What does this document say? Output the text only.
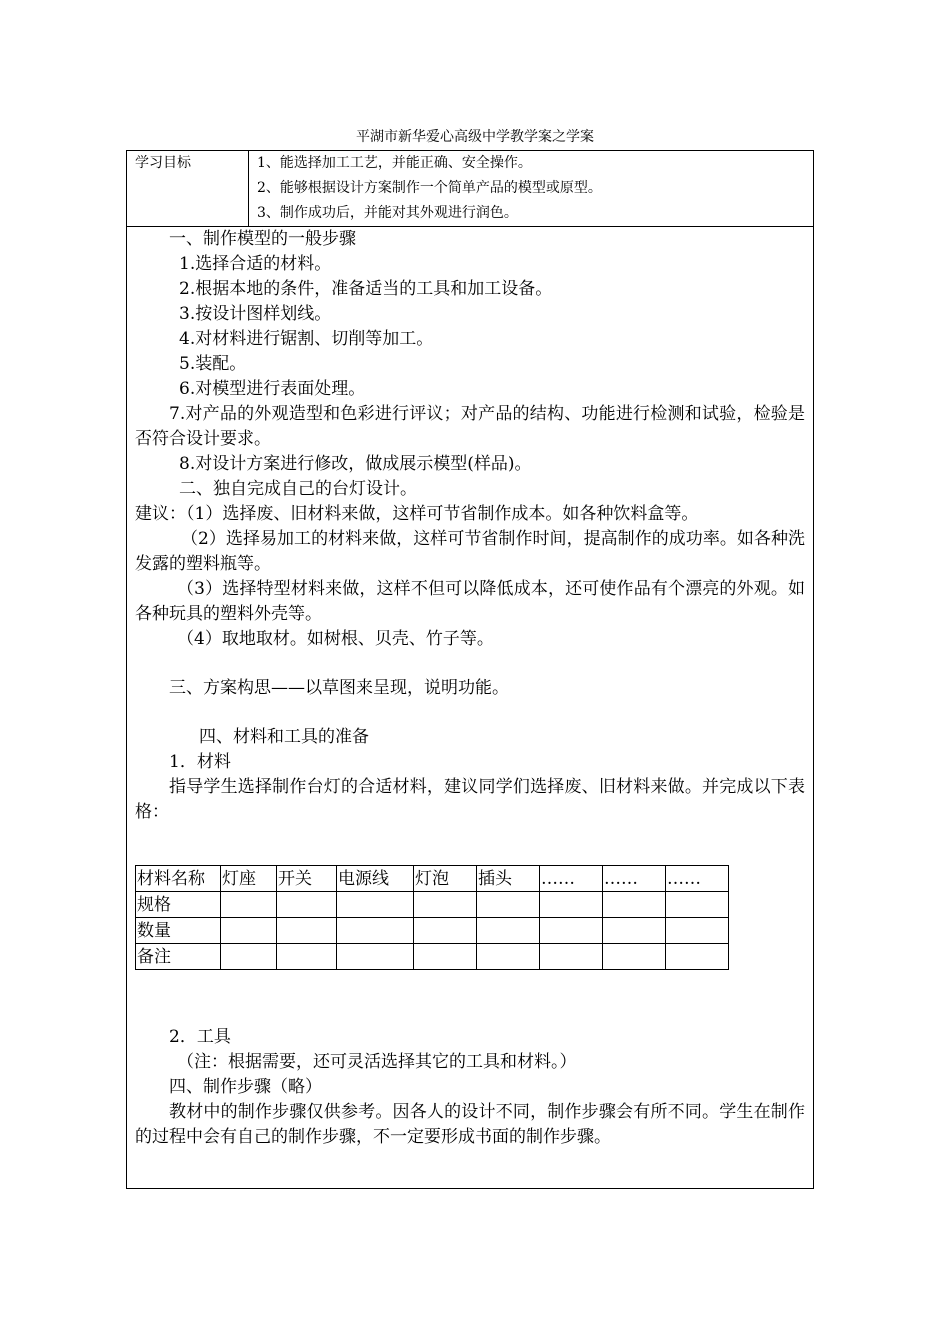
平湖市新华爱心高级中学教学案之学案
学习目标	1、能选择加工工艺，并能正确、安全操作。
2、能够根据设计方案制作一个简单产品的模型或原型。
3、制作成功后，并能对其外观进行润色。
一、制作模型的一般步骤
1.选择合适的材料。
2.根据本地的条件，准备适当的工具和加工设备。
3.按设计图样划线。
4.对材料进行锯割、切削等加工。
5.装配。
6.对模型进行表面处理。
7.对产品的外观造型和色彩进行评议；对产品的结构、功能进行检测和试验，检验是否符合设计要求。
8.对设计方案进行修改，做成展示模型(样品)。
二、独自完成自己的台灯设计。
建议：（1）选择废、旧材料来做，这样可节省制作成本。如各种饮料盒等。
（2）选择易加工的材料来做，这样可节省制作时间，提高制作的成功率。如各种洗发露的塑料瓶等。
（3）选择特型材料来做，这样不但可以降低成本，还可使作品有个漂亮的外观。如各种玩具的塑料外壳等。
（4）取地取材。如树根、贝壳、竹子等。
三、方案构思——以草图来呈现，说明功能。
四、材料和工具的准备
1．材料
指导学生选择制作台灯的合适材料，建议同学们选择废、旧材料来做。并完成以下表格：
材料名称	灯座	开关	电源线	灯泡	插头	……	……	……
规格								
数量								
备注								
2．工具
（注：根据需要，还可灵活选择其它的工具和材料。）
四、制作步骤（略）
教材中的制作步骤仅供参考。因各人的设计不同，制作步骤会有所不同。学生在制作的过程中会有自己的制作步骤，不一定要形成书面的制作步骤。
